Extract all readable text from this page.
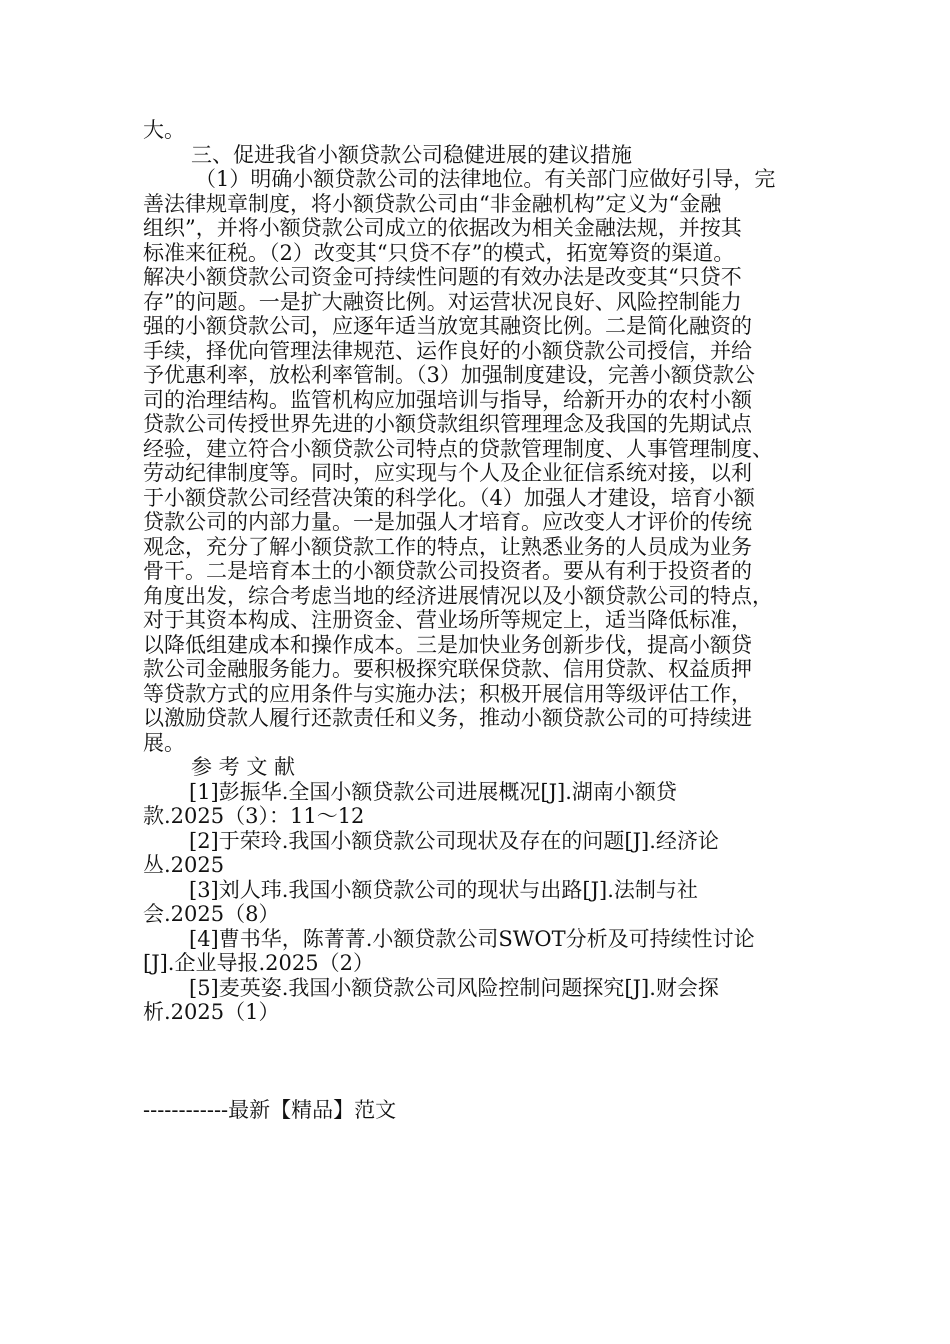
大。
三、促进我省小额贷款公司稳健进展的建议措施
（1）明确小额贷款公司的法律地位。有关部门应做好引导，完
善法律规章制度，将小额贷款公司由“非金融机构”定义为“金融
组织”，并将小额贷款公司成立的依据改为相关金融法规，并按其
标准来征税。（2）改变其“只贷不存”的模式，拓宽筹资的渠道。
解决小额贷款公司资金可持续性问题的有效办法是改变其“只贷不
存”的问题。一是扩大融资比例。对运营状况良好、风险控制能力
强的小额贷款公司，应逐年适当放宽其融资比例。二是简化融资的
手续，择优向管理法律规范、运作良好的小额贷款公司授信，并给
予优惠利率，放松利率管制。（3）加强制度建设，完善小额贷款公
司的治理结构。监管机构应加强培训与指导，给新开办的农村小额
贷款公司传授世界先进的小额贷款组织管理理念及我国的先期试点
经验，建立符合小额贷款公司特点的贷款管理制度、人事管理制度、
劳动纪律制度等。同时，应实现与个人及企业征信系统对接，以利
于小额贷款公司经营决策的科学化。（4）加强人才建设，培育小额
贷款公司的内部力量。一是加强人才培育。应改变人才评价的传统
观念，充分了解小额贷款工作的特点，让熟悉业务的人员成为业务
骨干。二是培育本土的小额贷款公司投资者。要从有利于投资者的
角度出发，综合考虑当地的经济进展情况以及小额贷款公司的特点，
对于其资本构成、注册资金、营业场所等规定上，适当降低标准，
以降低组建成本和操作成本。三是加快业务创新步伐，提高小额贷
款公司金融服务能力。要积极探究联保贷款、信用贷款、权益质押
等贷款方式的应用条件与实施办法；积极开展信用等级评估工作，
以激励贷款人履行还款责任和义务，推动小额贷款公司的可持续进
展。
参 考 文 献
[1]彭振华.全国小额贷款公司进展概况[J].湖南小额贷
款.2025（3）：11～12
[2]于荣玲.我国小额贷款公司现状及存在的问题[J].经济论
丛.2025
[3]刘人玮.我国小额贷款公司的现状与出路[J].法制与社
会.2025（8）
[4]曹书华，陈菁菁.小额贷款公司SWOT分析及可持续性讨论
[J].企业导报.2025（2）
[5]麦英姿.我国小额贷款公司风险控制问题探究[J].财会探
析.2025（1）
------------最新【精品】范文
